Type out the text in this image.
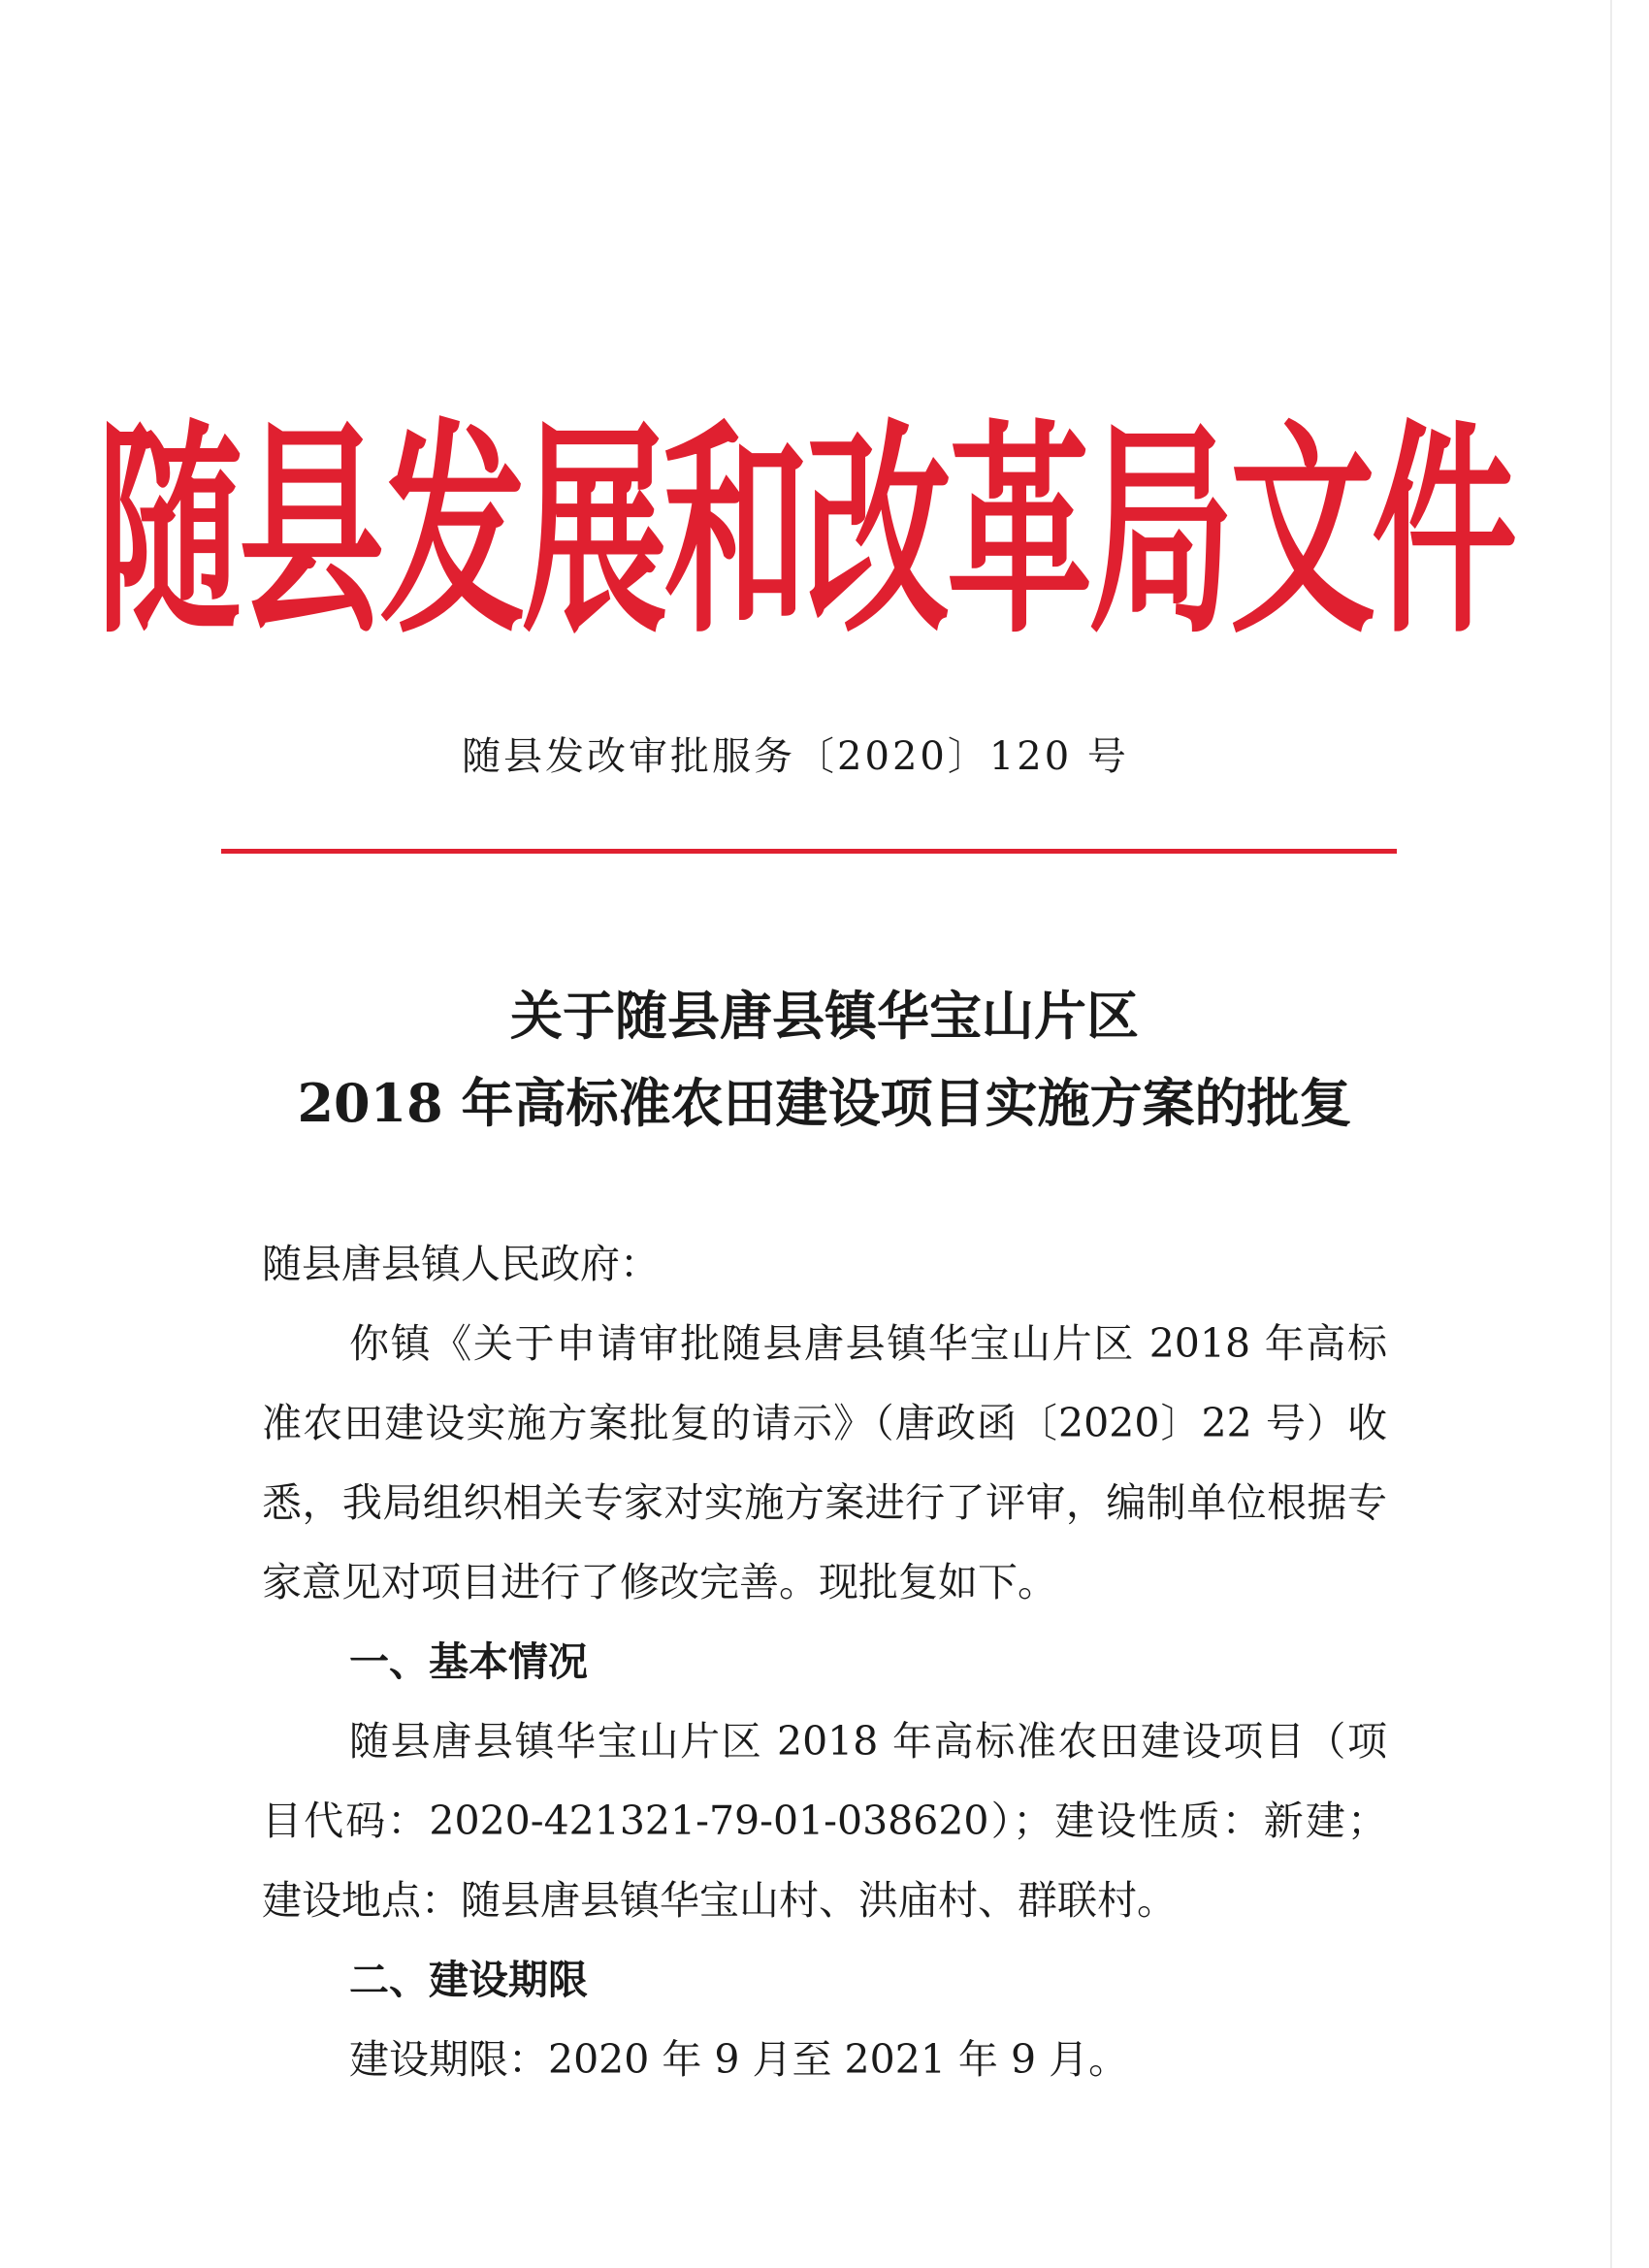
随县发展和改革局文件
随县发改审批服务〔2020〕120 号
关于随县唐县镇华宝山片区
2018 年高标准农田建设项目实施方案的批复
随县唐县镇人民政府：
你镇《关于申请审批随县唐县镇华宝山片区 2018 年高标准农田建设实施方案批复的请示》（唐政函〔2020〕22 号）收悉，我局组织相关专家对实施方案进行了评审，编制单位根据专家意见对项目进行了修改完善。现批复如下。
一、基本情况
随县唐县镇华宝山片区 2018 年高标准农田建设项目（项目代码：2020-421321-79-01-038620）；建设性质：新建；建设地点：随县唐县镇华宝山村、洪庙村、群联村。
二、建设期限
建设期限：2020 年 9 月至 2021 年 9 月。
